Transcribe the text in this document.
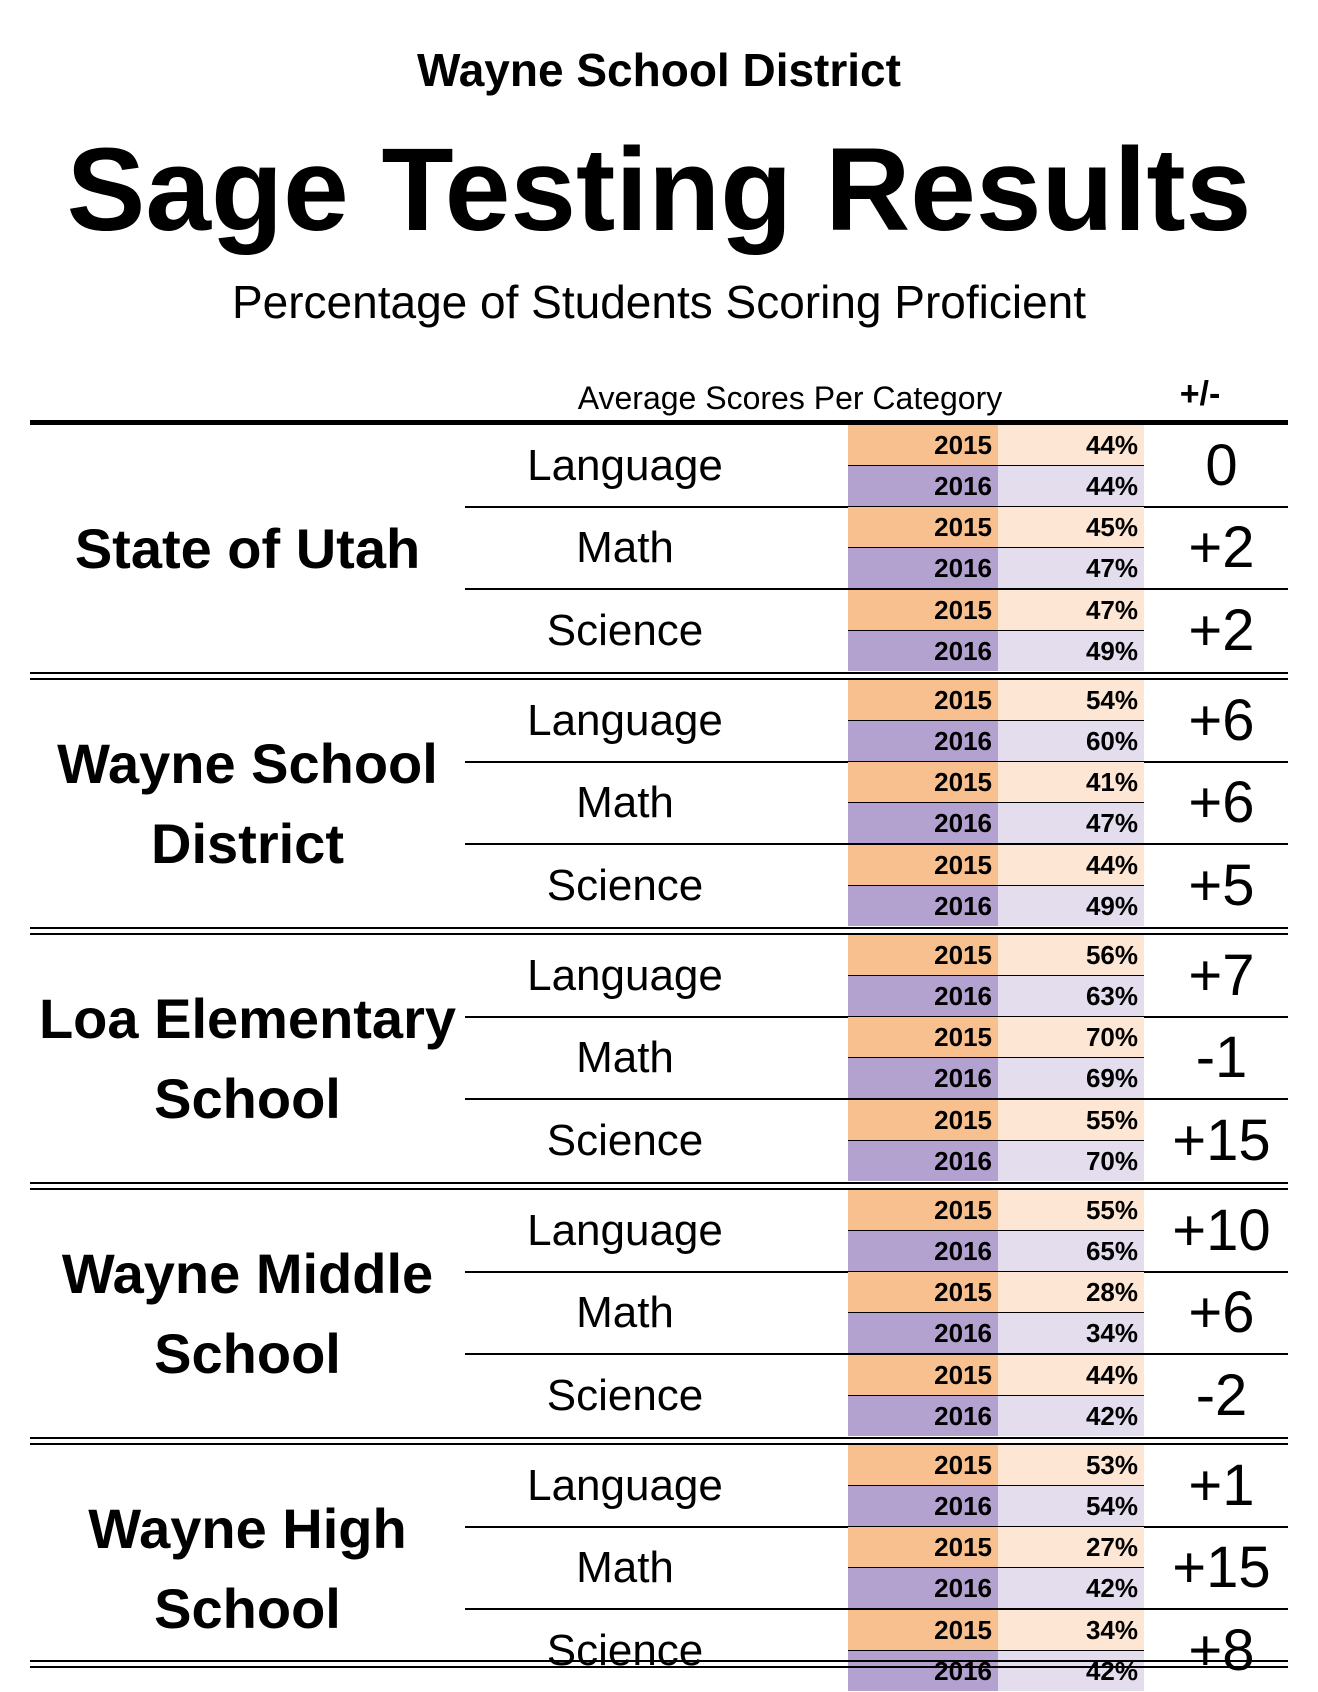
Wayne School District
Sage Testing Results
Percentage of Students Scoring Proficient
Average Scores Per Category	+/-
State of Utah
Language	2015	44%
2016	44%	0
Math	2015	45%
2016	47% +2
Science	2015	47%
2016	49% +2
Wayne School
District
Language	2015	54%
2016	60% +6
Math	2015	41%
2016	47% +6
Science	2015	44%
2016	49% +5
Loa Elementary
School
Language	2015	56%
2016	63% +7
Math	2015	70%
2016	69% -1
Science	2015	55%
2016	70% +15
Wayne Middle
School
Language	2015	55%
2016	65% +10
Math	2015	28%
2016	34% +6
Science	2015	44%
2016	42% -2
Wayne High
School
Language	2015	53%
2016	54% +1
Math	2015	27%
2016	42% +15
Science	2015	34%
2016	42% +8
